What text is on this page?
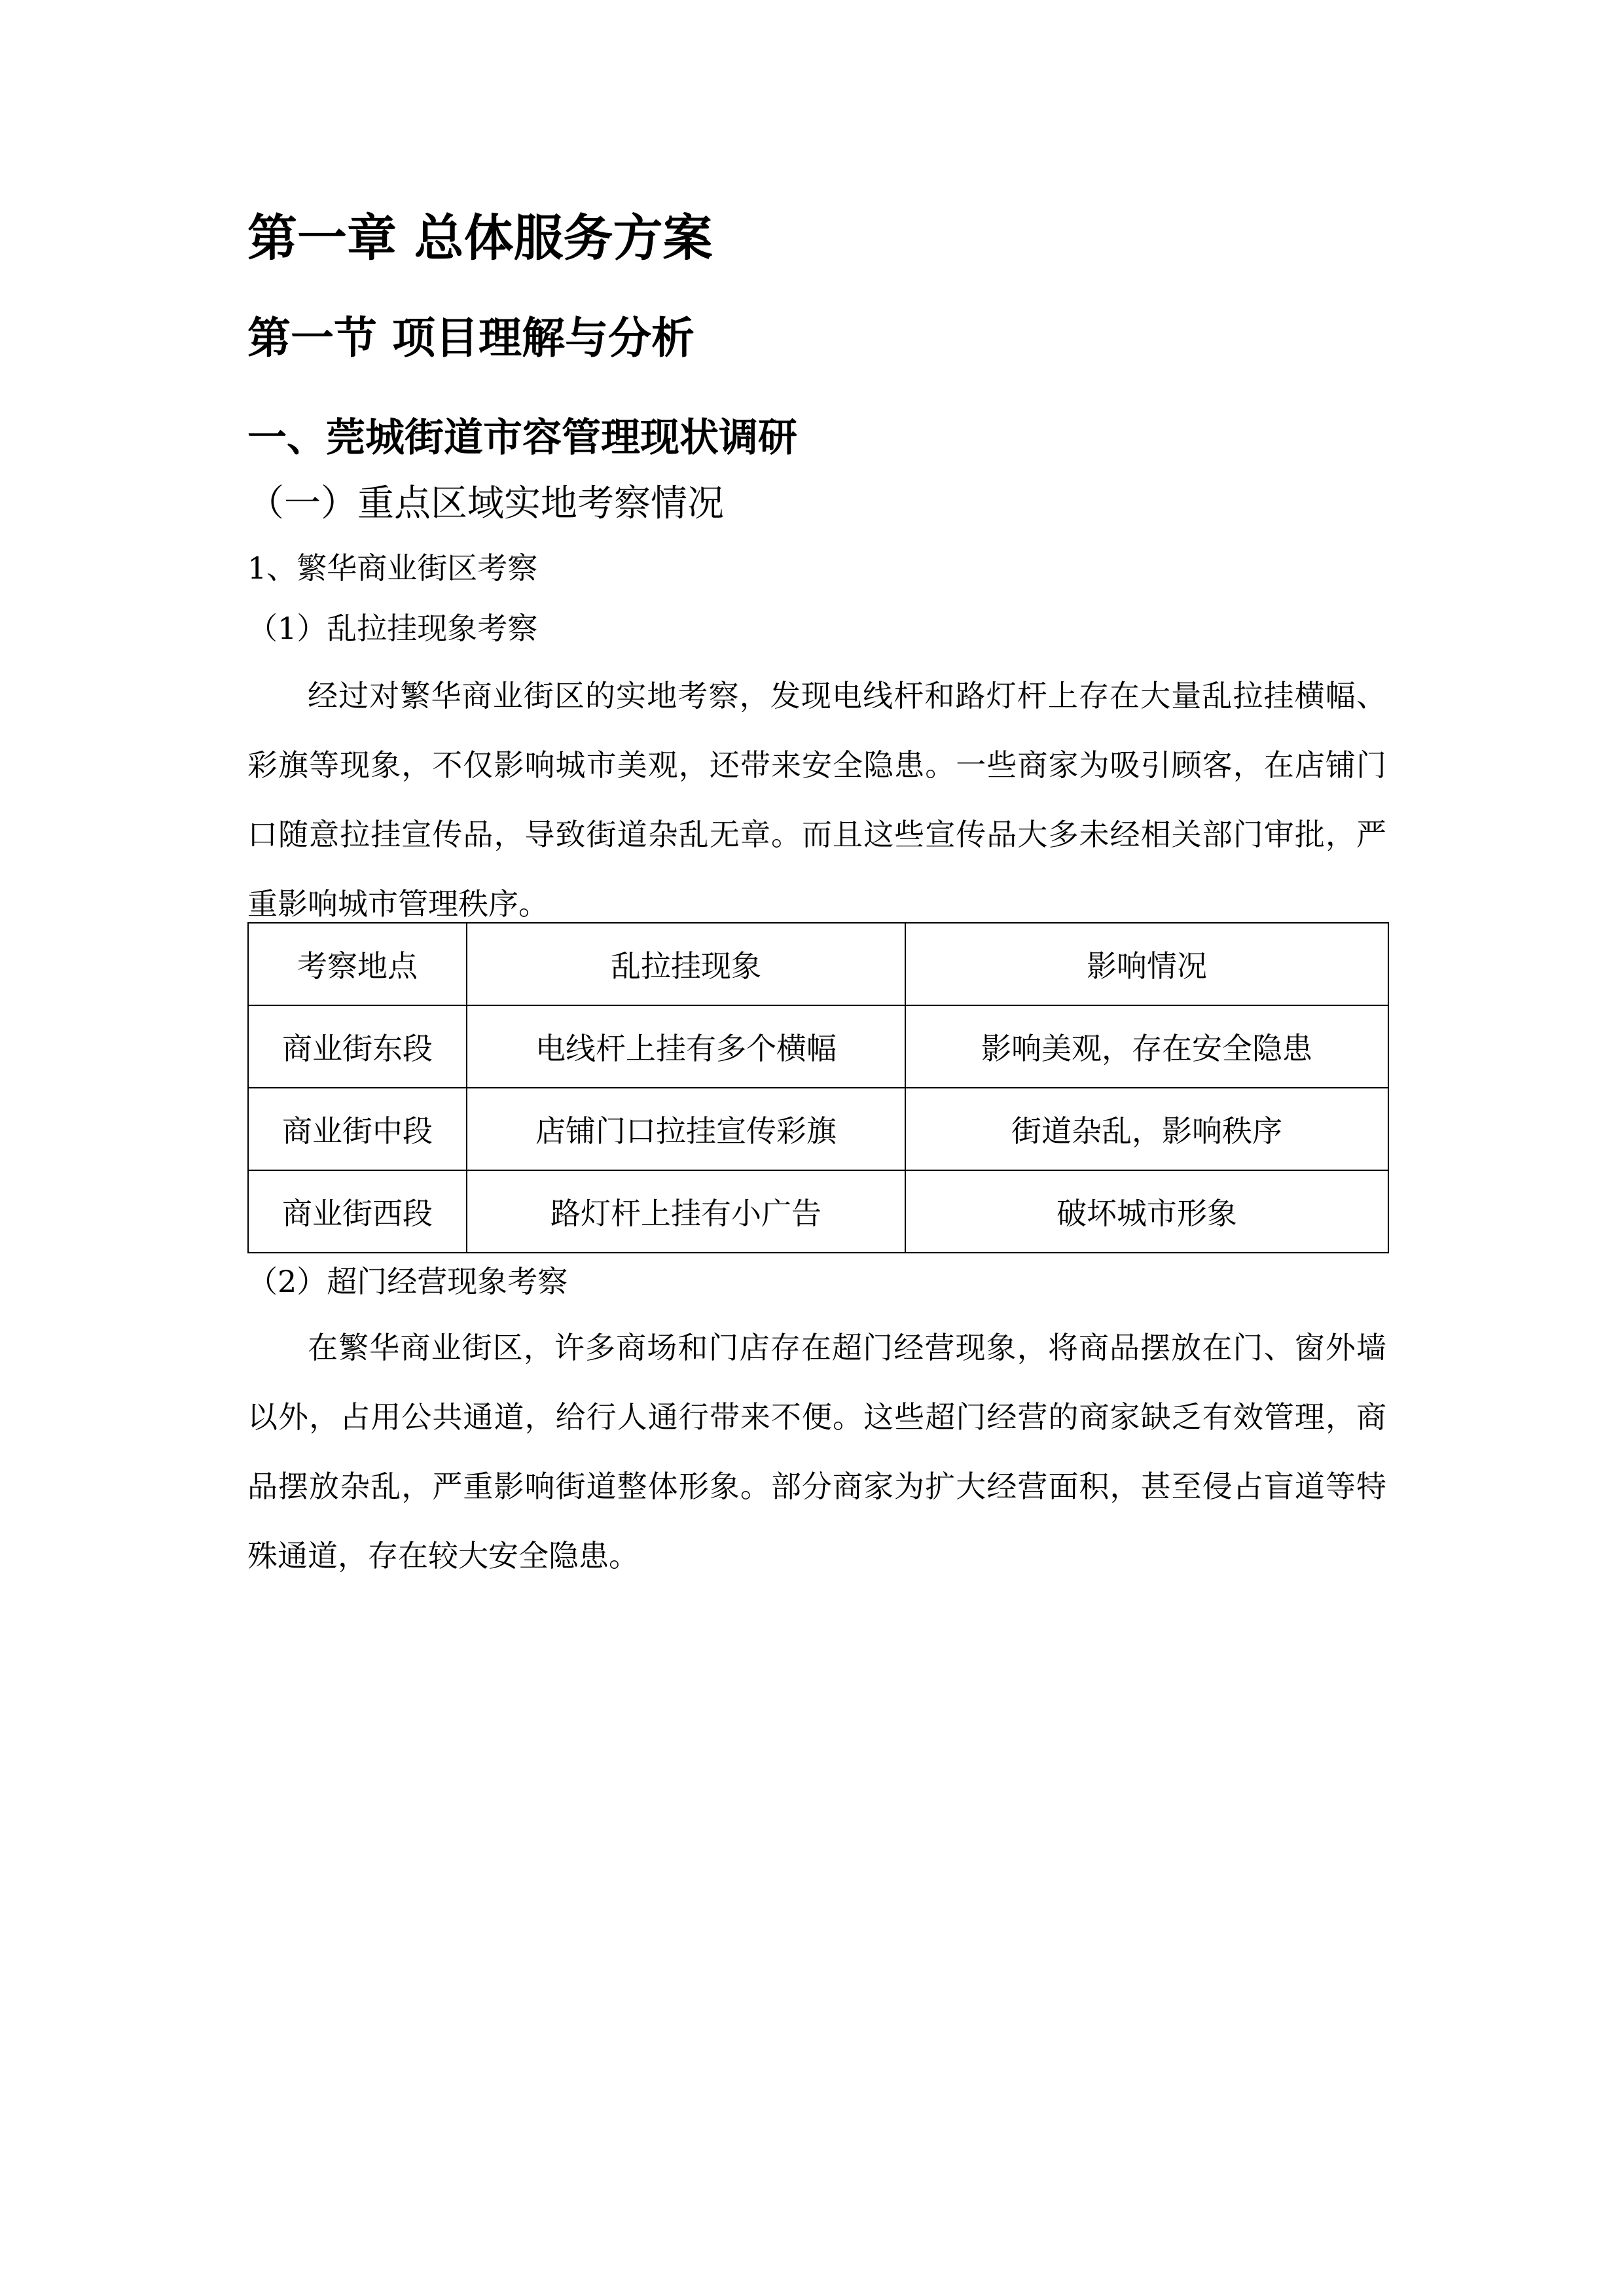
第一章 总体服务方案
第一节 项目理解与分析
一、莞城街道市容管理现状调研
（一）重点区域实地考察情况
1、繁华商业街区考察
（1）乱拉挂现象考察

经过对繁华商业街区的实地考察，发现电线杆和路灯杆上存在大量乱拉挂横幅、彩旗等现象，不仅影响城市美观，还带来安全隐患。一些商家为吸引顾客，在店铺门口随意拉挂宣传品，导致街道杂乱无章。而且这些宣传品大多未经相关部门审批，严重影响城市管理秩序。

考察地点	乱拉挂现象	影响情况
商业街东段	电线杆上挂有多个横幅	影响美观，存在安全隐患
商业街中段	店铺门口拉挂宣传彩旗	街道杂乱，影响秩序
商业街西段	路灯杆上挂有小广告	破坏城市形象
（2）超门经营现象考察

在繁华商业街区，许多商场和门店存在超门经营现象，将商品摆放在门、窗外墙以外，占用公共通道，给行人通行带来不便。这些超门经营的商家缺乏有效管理，商品摆放杂乱，严重影响街道整体形象。部分商家为扩大经营面积，甚至侵占盲道等特殊通道，存在较大安全隐患。
